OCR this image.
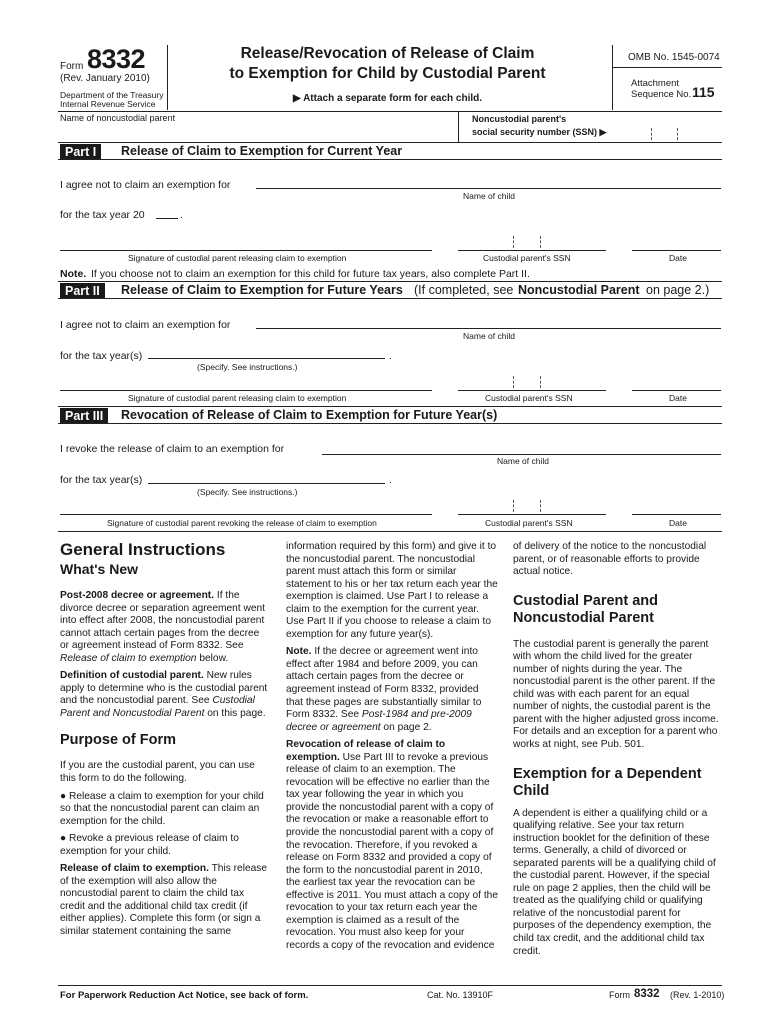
Form 8332
(Rev. January 2010)
Department of the Treasury
Internal Revenue Service
Release/Revocation of Release of Claim
to Exemption for Child by Custodial Parent
▶ Attach a separate form for each child.
OMB No. 1545-0074
Attachment
Sequence No. 115
Name of noncustodial parent	Noncustodial parent's
social security number (SSN) ▶
Part I	Release of Claim to Exemption for Current Year
I agree not to claim an exemption for
Name of child
for the tax year 20	.
Signature of custodial parent releasing claim to exemption	Custodial parent's SSN	Date
Note. If you choose not to claim an exemption for this child for future tax years, also complete Part II.
Part II	Release of Claim to Exemption for Future Years (If completed, see Noncustodial Parent on page 2.)
I agree not to claim an exemption for
Name of child
for the tax year(s)	.
(Specify. See instructions.)
Signature of custodial parent releasing claim to exemption	Custodial parent's SSN	Date
Part III	Revocation of Release of Claim to Exemption for Future Year(s)
I revoke the release of claim to an exemption for
Name of child
for the tax year(s)	.
(Specify. See instructions.)
Signature of custodial parent revoking the release of claim to exemption	Custodial parent's SSN	Date
General Instructions
What's New

Post-2008 decree or agreement. If the divorce decree or separation agreement went into effect after 2008, the noncustodial parent cannot attach certain pages from the decree or agreement instead of Form 8332. See Release of claim to exemption below.

Definition of custodial parent. New rules apply to determine who is the custodial parent and the noncustodial parent. See Custodial Parent and Noncustodial Parent on this page.

Purpose of Form

If you are the custodial parent, you can use this form to do the following.

● Release a claim to exemption for your child so that the noncustodial parent can claim an exemption for the child.

● Revoke a previous release of claim to exemption for your child.

Release of claim to exemption. This release of the exemption will also allow the noncustodial parent to claim the child tax credit and the additional child tax credit (if either applies). Complete this form (or sign a similar statement containing the same

information required by this form) and give it to the noncustodial parent. The noncustodial parent must attach this form or similar statement to his or her tax return each year the exemption is claimed. Use Part I to release a claim to the exemption for the current year. Use Part II if you choose to release a claim to exemption for any future year(s).

Note. If the decree or agreement went into effect after 1984 and before 2009, you can attach certain pages from the decree or agreement instead of Form 8332, provided that these pages are substantially similar to Form 8332. See Post-1984 and pre-2009 decree or agreement on page 2.

Revocation of release of claim to exemption. Use Part III to revoke a previous release of claim to an exemption. The revocation will be effective no earlier than the tax year following the year in which you provide the noncustodial parent with a copy of the revocation or make a reasonable effort to provide the noncustodial parent with a copy of the revocation. Therefore, if you revoked a release on Form 8332 and provided a copy of the form to the noncustodial parent in 2010, the earliest tax year the revocation can be effective is 2011. You must attach a copy of the revocation to your tax return each year the exemption is claimed as a result of the revocation. You must also keep for your records a copy of the revocation and evidence

of delivery of the notice to the noncustodial parent, or of reasonable efforts to provide actual notice.

Custodial Parent and Noncustodial Parent

The custodial parent is generally the parent with whom the child lived for the greater number of nights during the year. The noncustodial parent is the other parent. If the child was with each parent for an equal number of nights, the custodial parent is the parent with the higher adjusted gross income. For details and an exception for a parent who works at night, see Pub. 501.

Exemption for a Dependent Child

A dependent is either a qualifying child or a qualifying relative. See your tax return instruction booklet for the definition of these terms. Generally, a child of divorced or separated parents will be a qualifying child of the custodial parent. However, if the special rule on page 2 applies, then the child will be treated as the qualifying child or qualifying relative of the noncustodial parent for purposes of the dependency exemption, the child tax credit, and the additional child tax credit.

For Paperwork Reduction Act Notice, see back of form.	Cat. No. 13910F	Form 8332 (Rev. 1-2010)
